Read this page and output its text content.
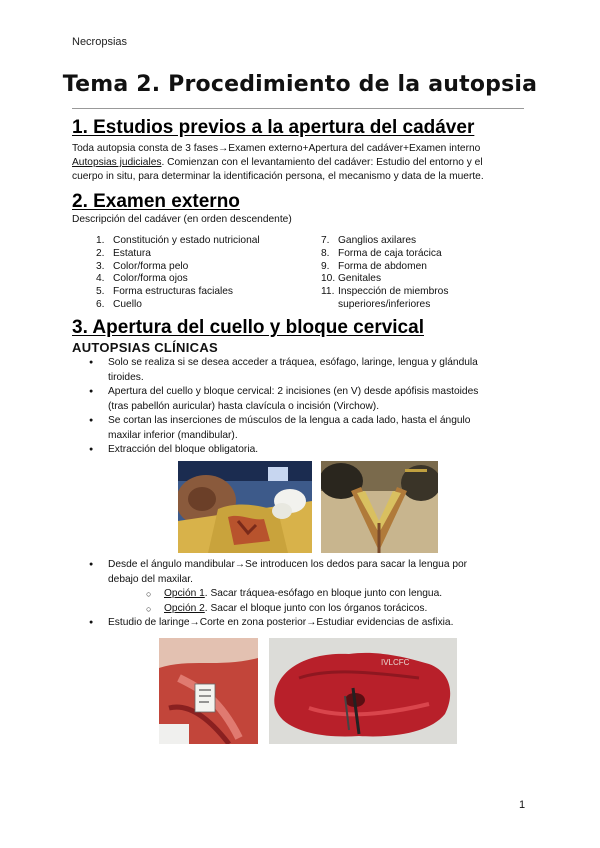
Necropsias
Tema 2. Procedimiento de la autopsia
1. Estudios previos a la apertura del cadáver
Toda autopsia consta de 3 fases→Examen externo+Apertura del cadáver+Examen interno
Autopsias judiciales. Comienzan con el levantamiento del cadáver: Estudio del entorno y el
cuerpo in situ, para determinar la identificación persona, el mecanismo y data de la muerte.
2. Examen externo
Descripción del cadáver (en orden descendente)
1. Constitución y estado nutricional
2. Estatura
3. Color/forma pelo
4. Color/forma ojos
5. Forma estructuras faciales
6. Cuello
7. Ganglios axilares
8. Forma de caja torácica
9. Forma de abdomen
10. Genitales
11. Inspección de miembros
superiores/inferiores
3. Apertura del cuello y bloque cervical
AUTOPSIAS CLÍNICAS
● Solo se realiza si se desea acceder a tráquea, esófago, laringe, lengua y glándula
tiroides.
● Apertura del cuello y bloque cervical: 2 incisiones (en V) desde apófisis mastoides
(tras pabellón auricular) hasta clavícula o incisión (Virchow).
● Se cortan las inserciones de músculos de la lengua a cada lado, hasta el ángulo
maxilar inferior (mandibular).
● Extracción del bloque obligatoria.
● Desde el ángulo mandibular→Se introducen los dedos para sacar la lengua por
debajo del maxilar.
○ Opción 1. Sacar tráquea-esófago en bloque junto con lengua.
○ Opción 2. Sacar el bloque junto con los órganos torácicos.
● Estudio de laringe→Corte en zona posterior→Estudiar evidencias de asfixia.
IVLCFC
1
